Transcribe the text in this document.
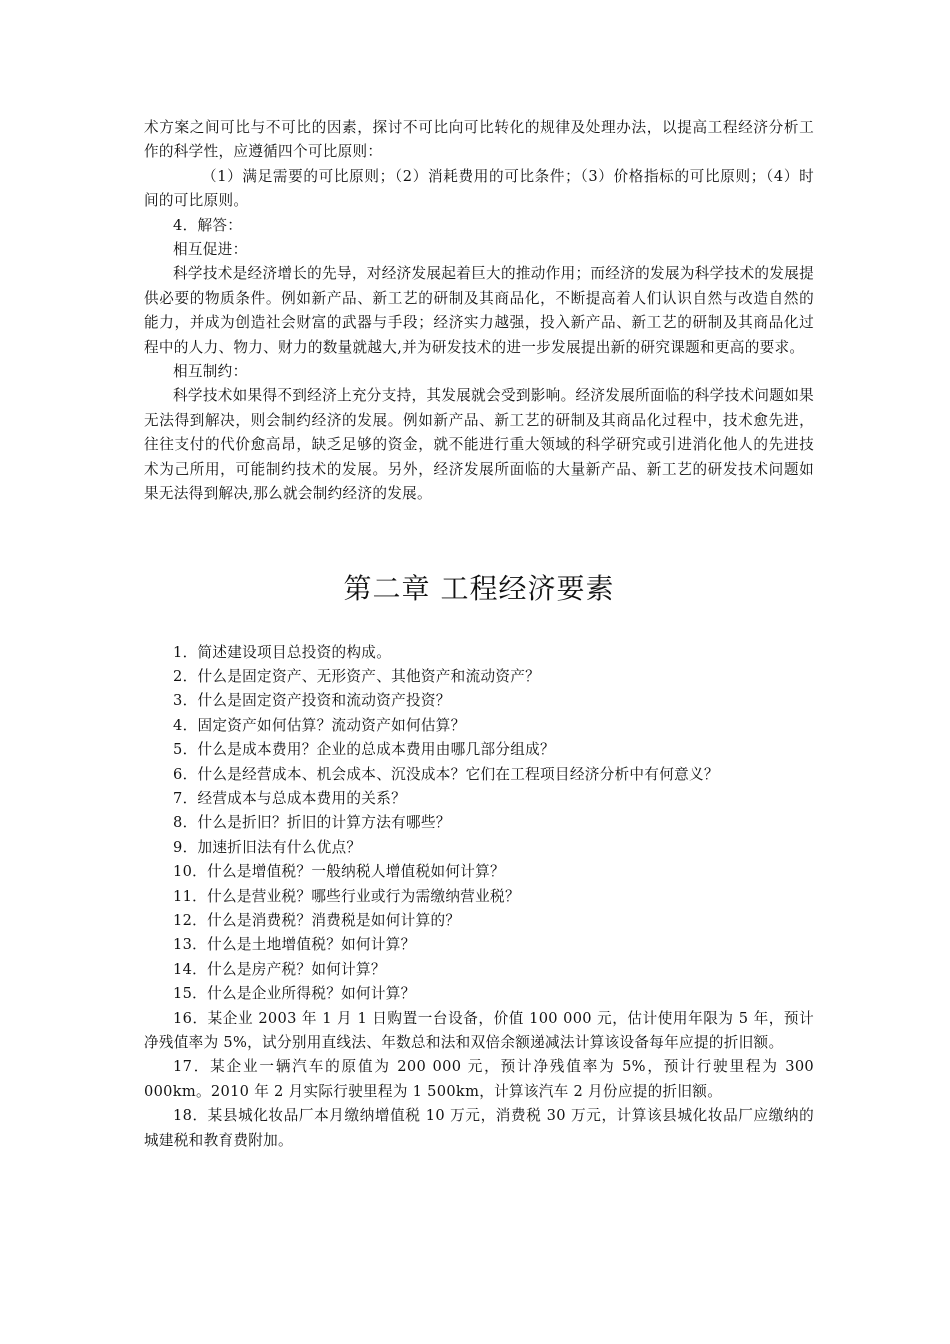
术方案之间可比与不可比的因素，探讨不可比向可比转化的规律及处理办法，以提高工程经济分析工作的科学性，应遵循四个可比原则：

（1）满足需要的可比原则；（2）消耗费用的可比条件；（3）价格指标的可比原则；（4）时间的可比原则。

4．解答：

相互促进：

科学技术是经济增长的先导，对经济发展起着巨大的推动作用；而经济的发展为科学技术的发展提供必要的物质条件。例如新产品、新工艺的研制及其商品化，不断提高着人们认识自然与改造自然的能力，并成为创造社会财富的武器与手段；经济实力越强，投入新产品、新工艺的研制及其商品化过程中的人力、物力、财力的数量就越大,并为研发技术的进一步发展提出新的研究课题和更高的要求。

相互制约：

科学技术如果得不到经济上充分支持，其发展就会受到影响。经济发展所面临的科学技术问题如果无法得到解决，则会制约经济的发展。例如新产品、新工艺的研制及其商品化过程中，技术愈先进，往往支付的代价愈高昂，缺乏足够的资金，就不能进行重大领域的科学研究或引进消化他人的先进技术为己所用，可能制约技术的发展。另外，经济发展所面临的大量新产品、新工艺的研发技术问题如果无法得到解决,那么就会制约经济的发展。

第二章 工程经济要素
1．简述建设项目总投资的构成。
2．什么是固定资产、无形资产、其他资产和流动资产？
3．什么是固定资产投资和流动资产投资？
4．固定资产如何估算？流动资产如何估算？
5．什么是成本费用？企业的总成本费用由哪几部分组成？
6．什么是经营成本、机会成本、沉没成本？它们在工程项目经济分析中有何意义？
7．经营成本与总成本费用的关系？
8．什么是折旧？折旧的计算方法有哪些？
9．加速折旧法有什么优点？
10．什么是增值税？一般纳税人增值税如何计算？
11．什么是营业税？哪些行业或行为需缴纳营业税？
12．什么是消费税？消费税是如何计算的？
13．什么是土地增值税？如何计算？
14．什么是房产税？如何计算？
15．什么是企业所得税？如何计算？
16．某企业 2003 年 1 月 1 日购置一台设备，价值 100 000 元，估计使用年限为 5 年，预计净残值率为 5%，试分别用直线法、年数总和法和双倍余额递减法计算该设备每年应提的折旧额。
17．某企业一辆汽车的原值为 200 000 元，预计净残值率为 5%，预计行驶里程为 300 000km。2010 年 2 月实际行驶里程为 1 500km，计算该汽车 2 月份应提的折旧额。
18．某县城化妆品厂本月缴纳增值税 10 万元，消费税 30 万元，计算该县城化妆品厂应缴纳的城建税和教育费附加。
